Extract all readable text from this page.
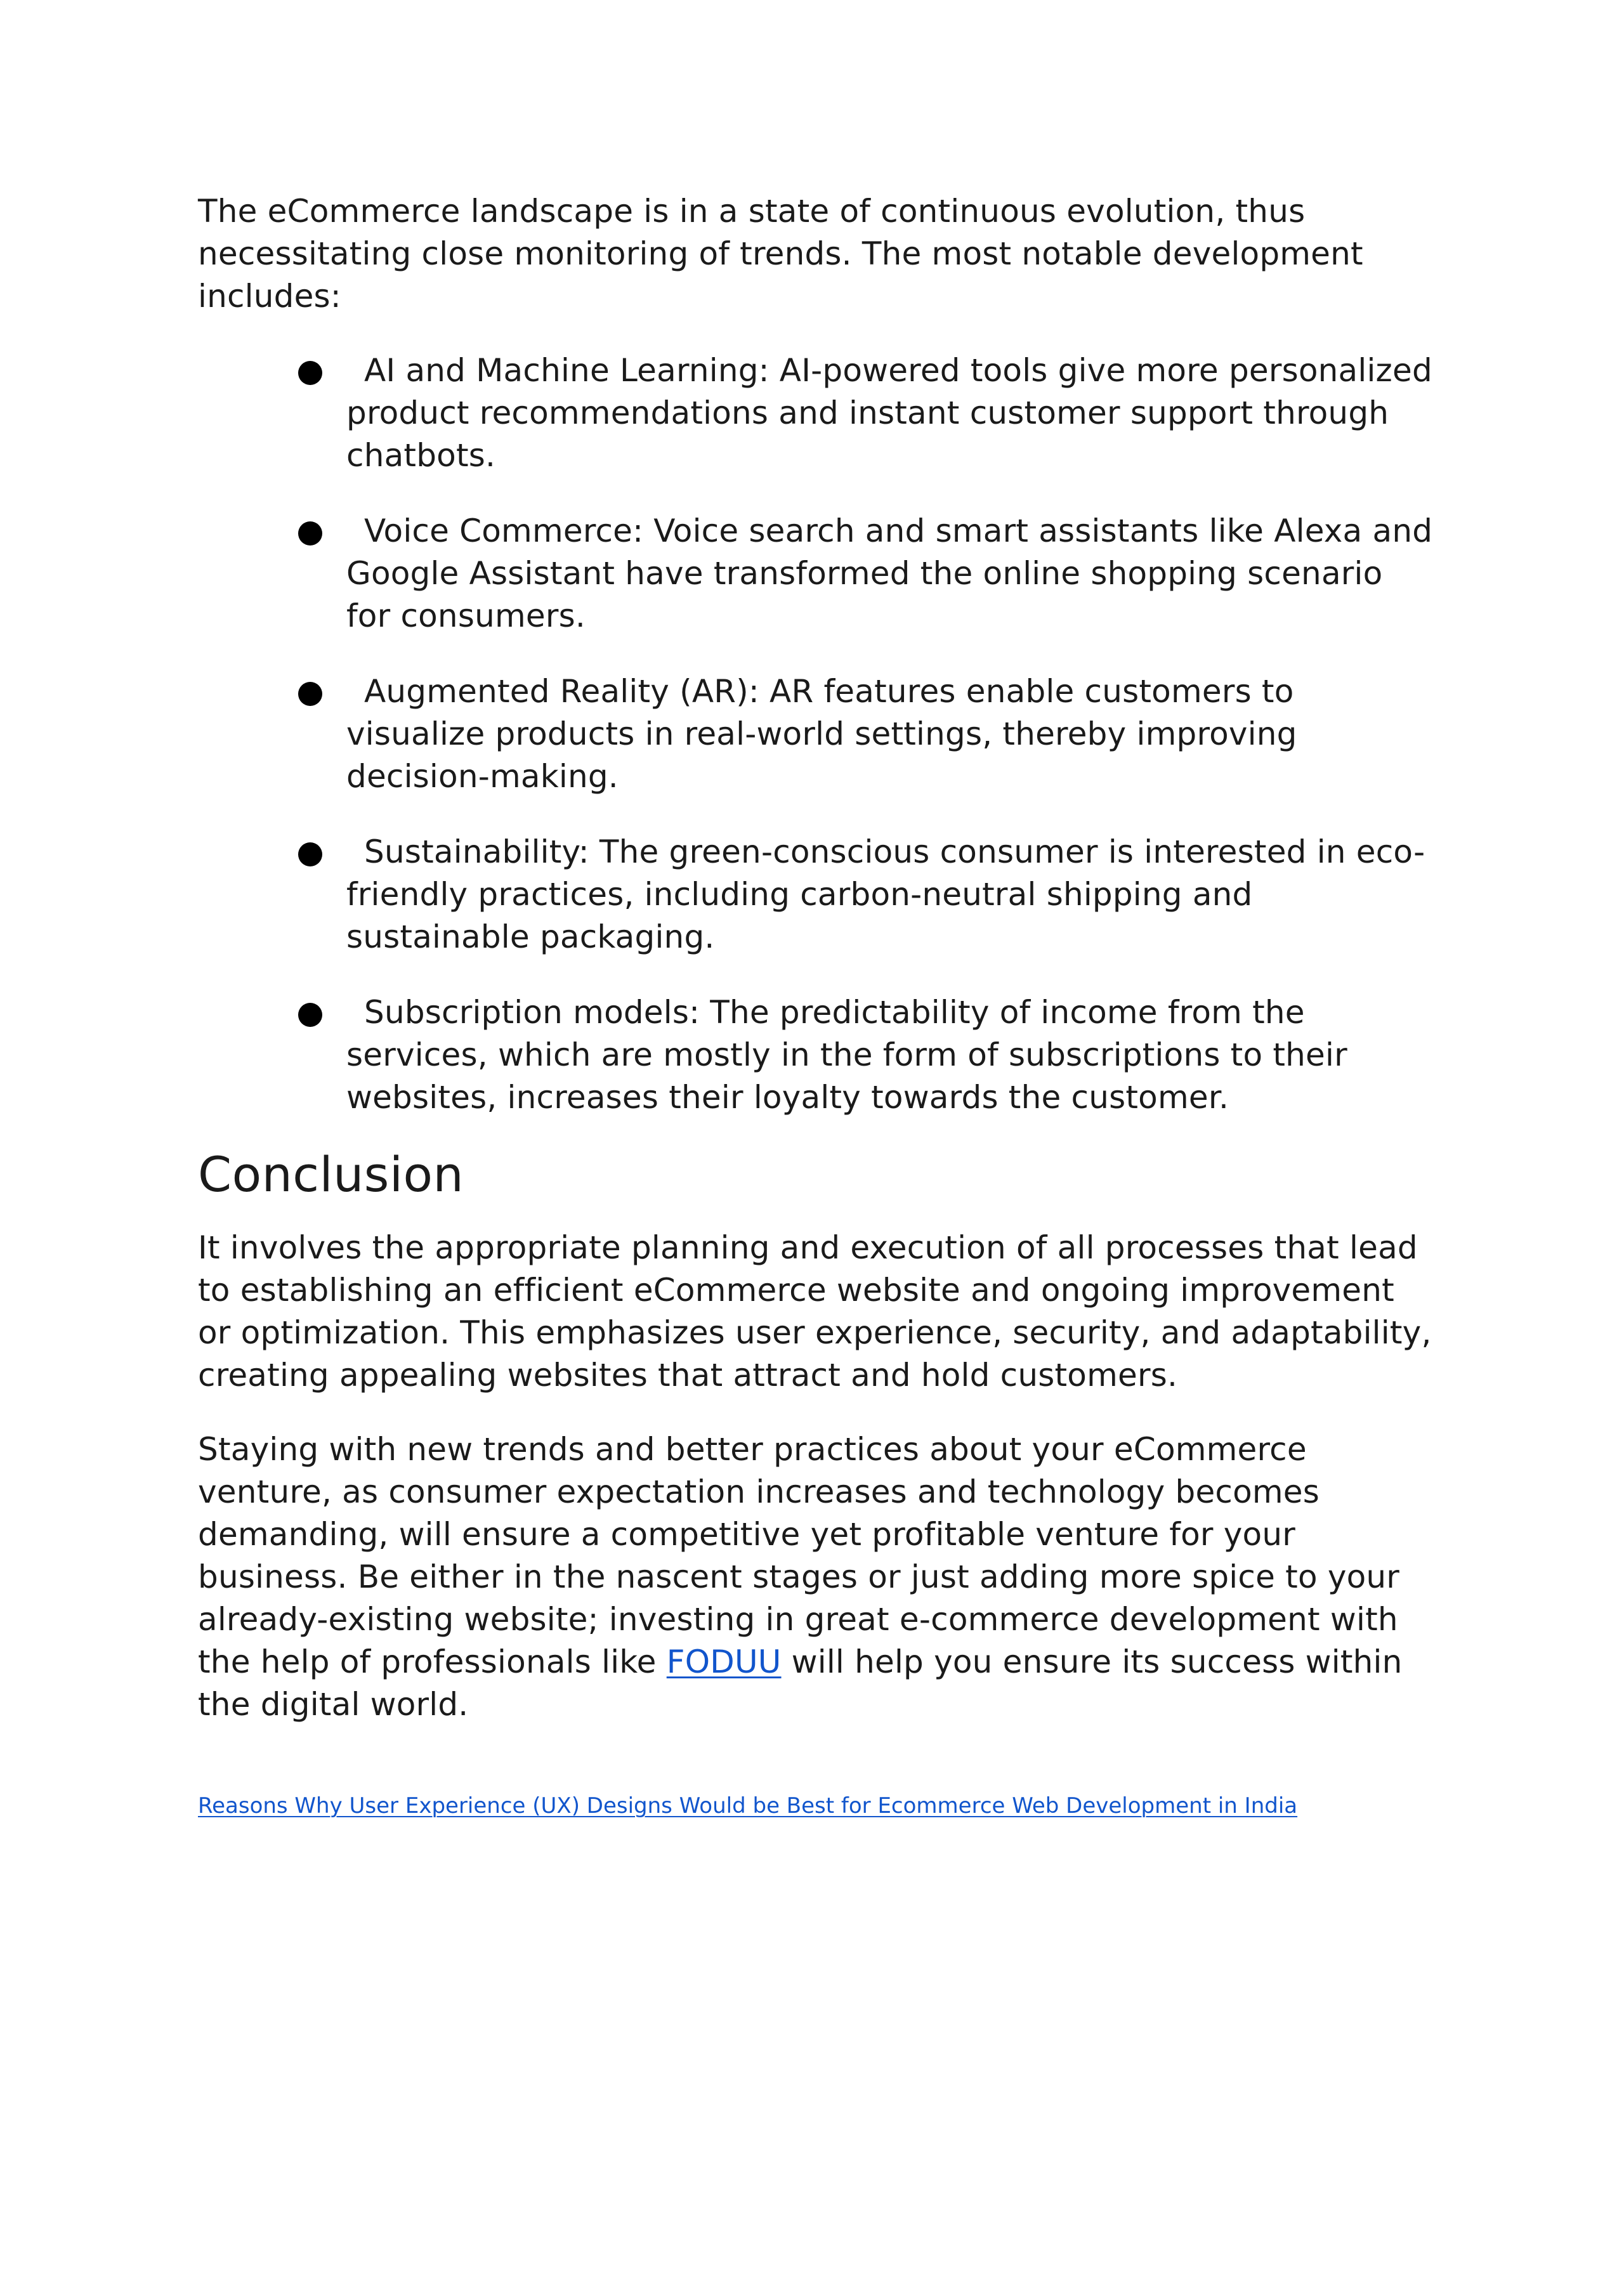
The eCommerce landscape is in a state of continuous evolution, thus necessitating close monitoring of trends. The most notable development includes:

AI and Machine Learning: AI-powered tools give more personalized product recommendations and instant customer support through chatbots.
Voice Commerce: Voice search and smart assistants like Alexa and Google Assistant have transformed the online shopping scenario for consumers.
Augmented Reality (AR): AR features enable customers to visualize products in real-world settings, thereby improving decision-making.
Sustainability: The green-conscious consumer is interested in eco-friendly practices, including carbon-neutral shipping and sustainable packaging.
Subscription models: The predictability of income from the services, which are mostly in the form of subscriptions to their websites, increases their loyalty towards the customer.
Conclusion

It involves the appropriate planning and execution of all processes that lead to establishing an efficient eCommerce website and ongoing improvement or optimization. This emphasizes user experience, security, and adaptability, creating appealing websites that attract and hold customers.

Staying with new trends and better practices about your eCommerce venture, as consumer expectation increases and technology becomes demanding, will ensure a competitive yet profitable venture for your business. Be either in the nascent stages or just adding more spice to your already-existing website; investing in great e-commerce development with the help of professionals like FODUU will help you ensure its success within the digital world.

Reasons Why User Experience (UX) Designs Would be Best for Ecommerce Web Development in India
